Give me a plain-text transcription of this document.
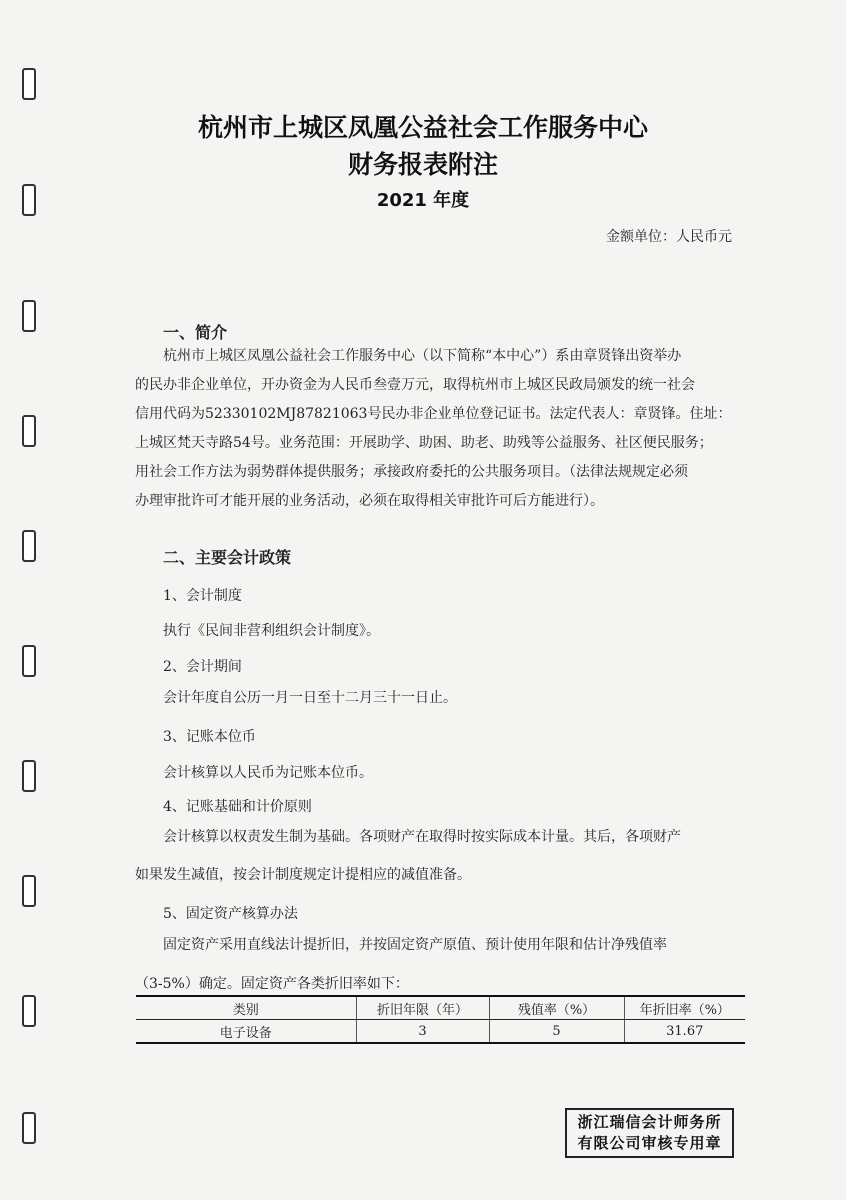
杭州市上城区凤凰公益社会工作服务中心
财务报表附注
2021 年度
金额单位：人民币元
一、简介
杭州市上城区凤凰公益社会工作服务中心（以下简称“本中心”）系由章贤锋出资举办
的民办非企业单位，开办资金为人民币叁壹万元，取得杭州市上城区民政局颁发的统一社会
信用代码为52330102MJ87821063号民办非企业单位登记证书。法定代表人：章贤锋。住址：
上城区梵天寺路54号。业务范围：开展助学、助困、助老、助残等公益服务、社区便民服务；
用社会工作方法为弱势群体提供服务；承接政府委托的公共服务项目。（法律法规规定必须
办理审批许可才能开展的业务活动，必须在取得相关审批许可后方能进行）。
二、主要会计政策
1、会计制度
执行《民间非营利组织会计制度》。
2、会计期间
会计年度自公历一月一日至十二月三十一日止。
3、记账本位币
会计核算以人民币为记账本位币。
4、记账基础和计价原则
会计核算以权责发生制为基础。各项财产在取得时按实际成本计量。其后，各项财产
如果发生减值，按会计制度规定计提相应的减值准备。
5、固定资产核算办法
固定资产采用直线法计提折旧，并按固定资产原值、预计使用年限和估计净残值率
（3-5%）确定。固定资产各类折旧率如下：
类别	折旧年限（年）	残值率（%）	年折旧率（%）
电子设备	3	5	31.67
浙江瑞信会计师务所
有限公司审核专用章
